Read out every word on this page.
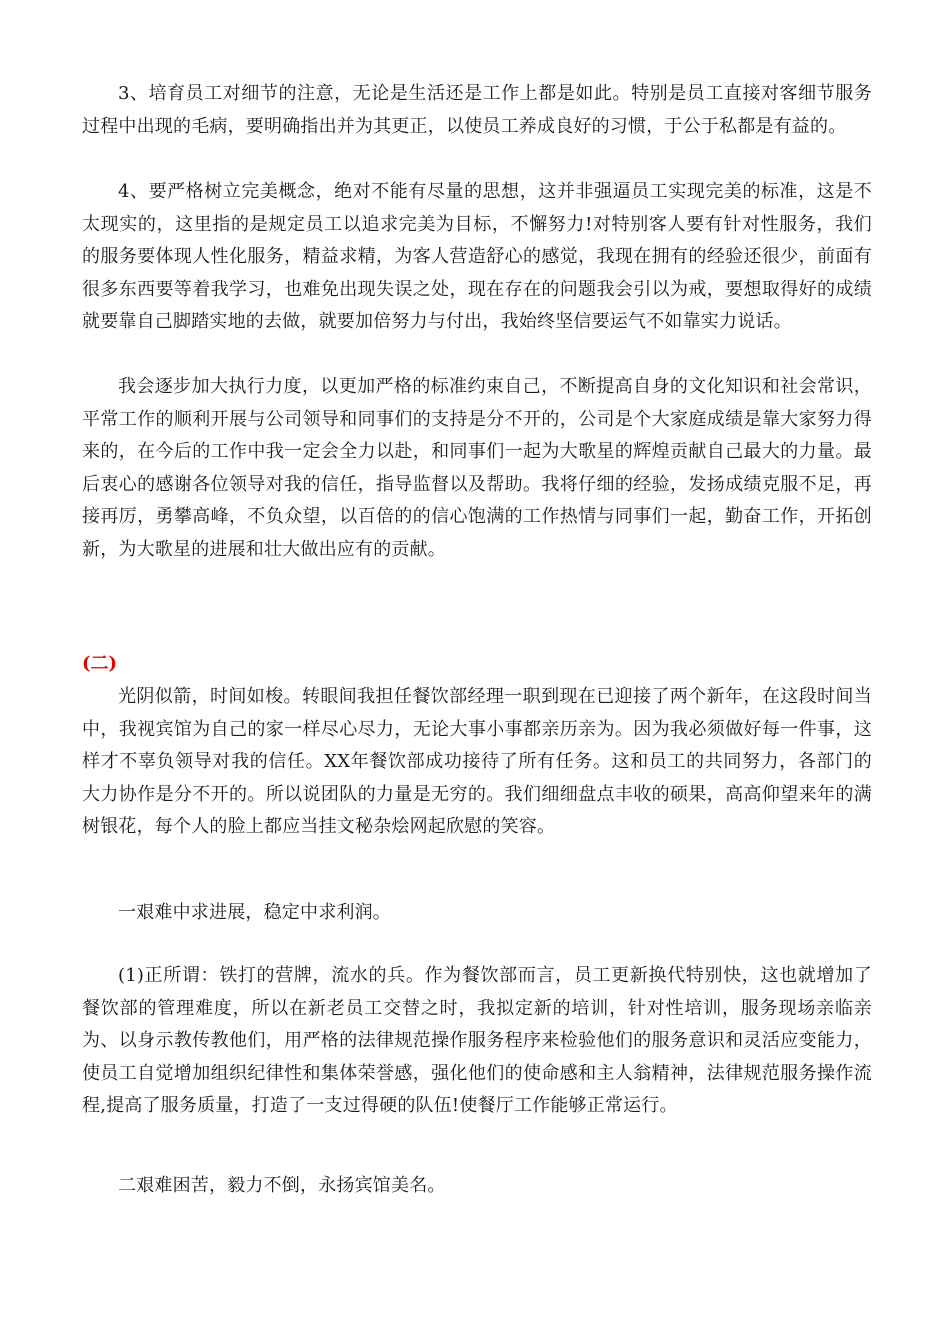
3、培育员工对细节的注意，无论是生活还是工作上都是如此。特别是员工直接对客细节服务过程中出现的毛病，要明确指出并为其更正，以使员工养成良好的习惯，于公于私都是有益的。

4、要严格树立完美概念，绝对不能有尽量的思想，这并非强逼员工实现完美的标准，这是不太现实的，这里指的是规定员工以追求完美为目标，不懈努力!对特别客人要有针对性服务，我们的服务要体现人性化服务，精益求精，为客人营造舒心的感觉，我现在拥有的经验还很少，前面有很多东西要等着我学习，也难免出现失误之处，现在存在的问题我会引以为戒，要想取得好的成绩就要靠自己脚踏实地的去做，就要加倍努力与付出，我始终坚信要运气不如靠实力说话。

我会逐步加大执行力度，以更加严格的标准约束自己，不断提高自身的文化知识和社会常识，平常工作的顺利开展与公司领导和同事们的支持是分不开的，公司是个大家庭成绩是靠大家努力得来的，在今后的工作中我一定会全力以赴，和同事们一起为大歌星的辉煌贡献自己最大的力量。最后衷心的感谢各位领导对我的信任，指导监督以及帮助。我将仔细的经验，发扬成绩克服不足，再接再厉，勇攀高峰，不负众望，以百倍的的信心饱满的工作热情与同事们一起，勤奋工作，开拓创新，为大歌星的进展和壮大做出应有的贡献。

(二)

光阴似箭，时间如梭。转眼间我担任餐饮部经理一职到现在已迎接了两个新年，在这段时间当中，我视宾馆为自己的家一样尽心尽力，无论大事小事都亲历亲为。因为我必须做好每一件事，这样才不辜负领导对我的信任。XX年餐饮部成功接待了所有任务。这和员工的共同努力，各部门的大力协作是分不开的。所以说团队的力量是无穷的。我们细细盘点丰收的硕果，高高仰望来年的满树银花，每个人的脸上都应当挂文秘杂烩网起欣慰的笑容。

一艰难中求进展，稳定中求利润。

(1)正所谓：铁打的营牌，流水的兵。作为餐饮部而言，员工更新换代特别快，这也就增加了餐饮部的管理难度，所以在新老员工交替之时，我拟定新的培训，针对性培训，服务现场亲临亲为、以身示教传教他们，用严格的法律规范操作服务程序来检验他们的服务意识和灵活应变能力，使员工自觉增加组织纪律性和集体荣誉感，强化他们的使命感和主人翁精神，法律规范服务操作流程,提高了服务质量，打造了一支过得硬的队伍!使餐厅工作能够正常运行。

二艰难困苦，毅力不倒，永扬宾馆美名。
